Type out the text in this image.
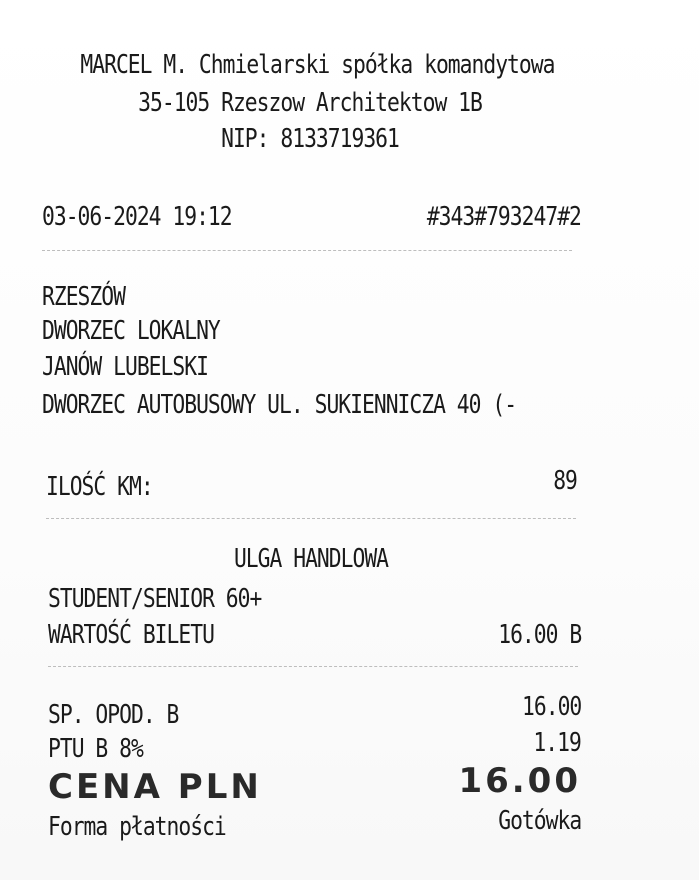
MARCEL M. Chmielarski spółka komandytowa
35-105 Rzeszow Architektow 1B
NIP: 8133719361
03-06-2024 19:12	#343#793247#2
RZESZÓW
DWORZEC LOKALNY
JANÓW LUBELSKI
DWORZEC AUTOBUSOWY UL. SUKIENNICZA 40 (-
ILOŚĆ KM:	89
ULGA HANDLOWA
STUDENT/SENIOR 60+
WARTOŚĆ BILETU	16.00 B
SP. OPOD. B	16.00
PTU B 8%	1.19
CENA PLN	16.00
Forma płatności	Gotówka
